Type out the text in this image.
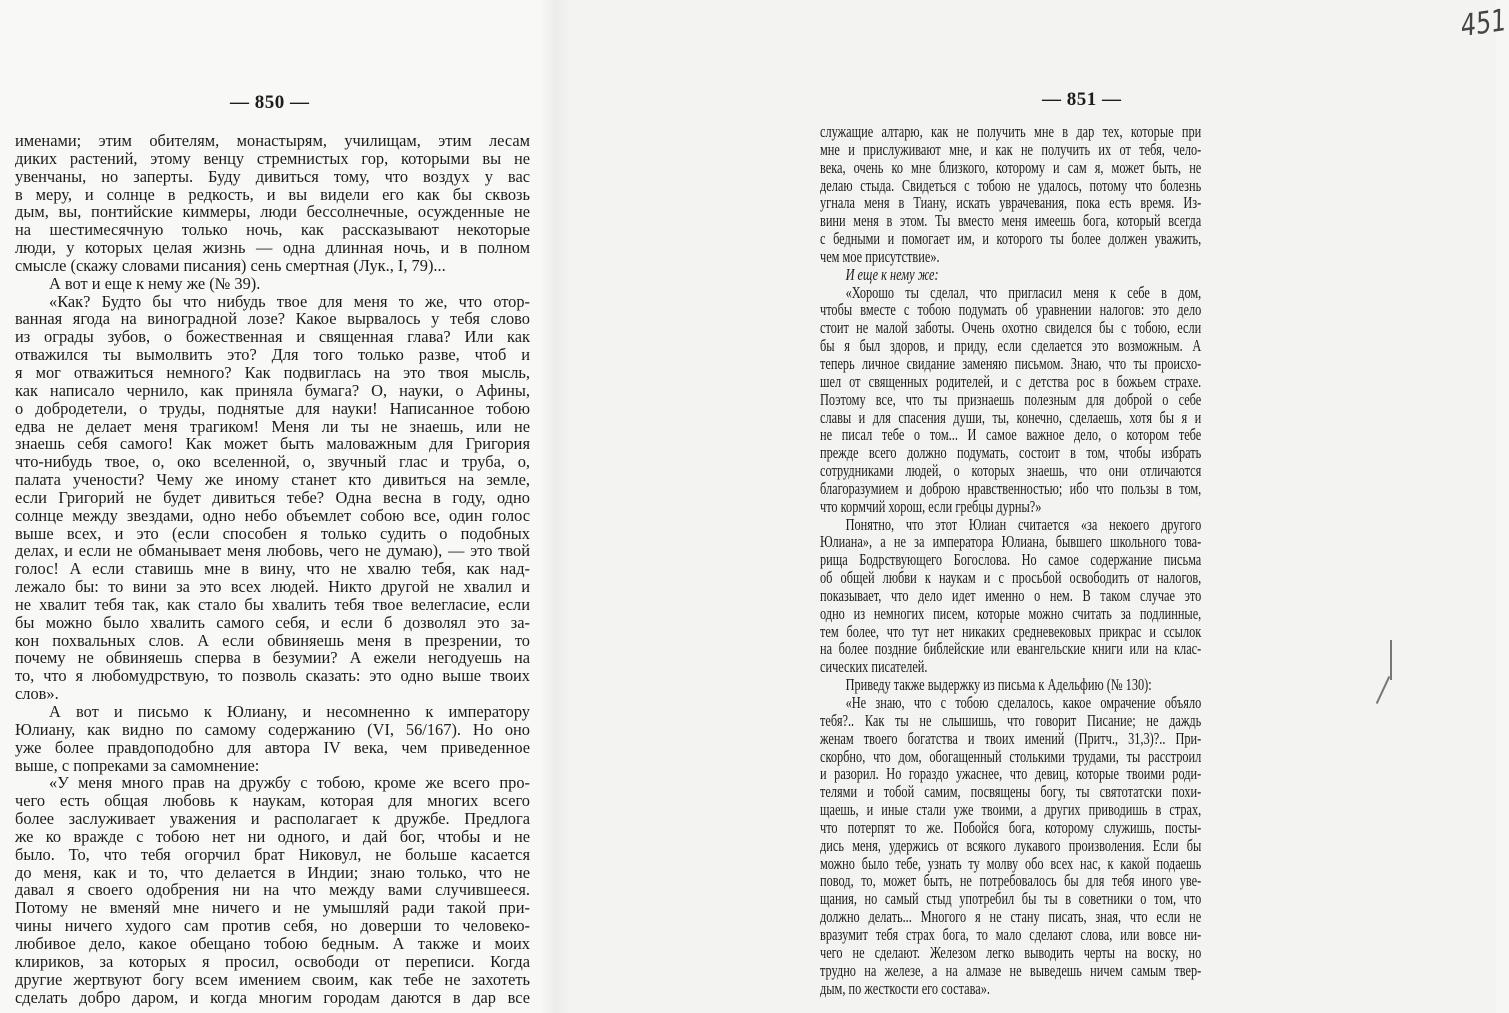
— 850 —	— 851 —
451
именами; этим обителям, монастырям, училищам, этим лесам
диких растений, этому венцу стремнистых гор, которыми вы не
увенчаны, но заперты. Буду дивиться тому, что воздух у вас
в меру, и солнце в редкость, и вы видели его как бы сквозь
дым, вы, понтийские киммеры, люди бессолнечные, осужденные не
на шестимесячную только ночь, как рассказывают некоторые
люди, у которых целая жизнь — одна длинная ночь, и в полном
смысле (скажу словами писания) сень смертная (Лук., I, 79)...
А вот и еще к нему же (№ 39).
«Как? Будто бы что нибудь твое для меня то же, что отор-
ванная ягода на виноградной лозе? Какое вырвалось у тебя слово
из ограды зубов, о божественная и священная глава? Или как
отважился ты вымолвить это? Для того только разве, чтоб и
я мог отважиться немного? Как подвиглась на это твоя мысль,
как написало чернило, как приняла бумага? О, науки, о Афины,
о добродетели, о труды, поднятые для науки! Написанное тобою
едва не делает меня трагиком! Меня ли ты не знаешь, или не
знаешь себя самого! Как может быть маловажным для Григория
что-нибудь твое, о, око вселенной, о, звучный глас и труба, о,
палата учености? Чему же иному станет кто дивиться на земле,
если Григорий не будет дивиться тебе? Одна весна в году, одно
солнце между звездами, одно небо объемлет собою все, один голос
выше всех, и это (если способен я только судить о подобных
делах, и если не обманывает меня любовь, чего не думаю), — это твой
голос! А если ставишь мне в вину, что не хвалю тебя, как над-
лежало бы: то вини за это всех людей. Никто другой не хвалил и
не хвалит тебя так, как стало бы хвалить тебя твое велегласие, если
бы можно было хвалить самого себя, и если б дозволял это за-
кон похвальных слов. А если обвиняешь меня в презрении, то
почему не обвиняешь сперва в безумии? А ежели негодуешь на
то, что я любомудрствую, то позволь сказать: это одно выше твоих
слов».
А вот и письмо к Юлиану, и несомненно к императору
Юлиану, как видно по самому содержанию (VI, 56/167). Но оно
уже более правдоподобно для автора IV века, чем приведенное
выше, с попреками за самомнение:
«У меня много прав на дружбу с тобою, кроме же всего про-
чего есть общая любовь к наукам, которая для многих всего
более заслуживает уважения и располагает к дружбе. Предлога
же ко вражде с тобою нет ни одного, и дай бог, чтобы и не
было. То, что тебя огорчил брат Никовул, не больше касается
до меня, как и то, что делается в Индии; знаю только, что не
давал я своего одобрения ни на что между вами случившееся.
Потому не вменяй мне ничего и не умышляй ради такой при-
чины ничего худого сам против себя, но доверши то человеко-
любивое дело, какое обещано тобою бедным. А также и моих
клириков, за которых я просил, освободи от переписи. Когда
другие жертвуют богу всем имением своим, как тебе не захотеть
сделать добро даром, и когда многим городам даются в дар все
служащие алтарю, как не получить мне в дар тех, которые при
мне и прислуживают мне, и как не получить их от тебя, чело-
века, очень ко мне близкого, которому и сам я, может быть, не
делаю стыда. Свидеться с тобою не удалось, потому что болезнь
угнала меня в Тиану, искать уврачевания, пока есть время. Из-
вини меня в этом. Ты вместо меня имеешь бога, который всегда
с бедными и помогает им, и которого ты более должен уважить,
чем мое присутствие».
И еще к нему же:
«Хорошо ты сделал, что пригласил меня к себе в дом,
чтобы вместе с тобою подумать об уравнении налогов: это дело
стоит не малой заботы. Очень охотно свиделся бы с тобою, если
бы я был здоров, и приду, если сделается это возможным. А
теперь личное свидание заменяю письмом. Знаю, что ты происхо-
шел от священных родителей, и с детства рос в божьем страхе.
Поэтому все, что ты признаешь полезным для доброй о себе
славы и для спасения души, ты, конечно, сделаешь, хотя бы я и
не писал тебе о том... И самое важное дело, о котором тебе
прежде всего должно подумать, состоит в том, чтобы избрать
сотрудниками людей, о которых знаешь, что они отличаются
благоразумием и доброю нравственностью; ибо что пользы в том,
что кормчий хорош, если гребцы дурны?»
Понятно, что этот Юлиан считается «за некоего другого
Юлиана», а не за императора Юлиана, бывшего школьного това-
рища Бодрствующего Богослова. Но самое содержание письма
об общей любви к наукам и с просьбой освободить от налогов,
показывает, что дело идет именно о нем. В таком случае это
одно из немногих писем, которые можно считать за подлинные,
тем более, что тут нет никаких средневековых прикрас и ссылок
на более поздние библейские или евангельские книги или на клас-
сических писателей.
Приведу также выдержку из письма к Адельфию (№ 130):
«Не знаю, что с тобою сделалось, какое омрачение объяло
тебя?.. Как ты не слышишь, что говорит Писание; не даждь
женам твоего богатства и твоих имений (Притч., 31,3)?.. При-
скорбно, что дом, обогащенный столькими трудами, ты расстроил
и разорил. Но гораздо ужаснее, что девиц, которые твоими роди-
телями и тобой самим, посвящены богу, ты святотатски похи-
щаешь, и иные стали уже твоими, а других приводишь в страх,
что потерпят то же. Побойся бога, которому служишь, посты-
дись меня, удержись от всякого лукавого произволения. Если бы
можно было тебе, узнать ту молву обо всех нас, к какой подаешь
повод, то, может быть, не потребовалось бы для тебя иного уве-
щания, но самый стыд употребил бы ты в советники о том, что
должно делать... Многого я не стану писать, зная, что если не
вразумит тебя страх бога, то мало сделают слова, или вовсе ни-
чего не сделают. Железом легко выводить черты на воску, но
трудно на железе, а на алмазе не выведешь ничем самым твер-
дым, по жесткости его состава».
